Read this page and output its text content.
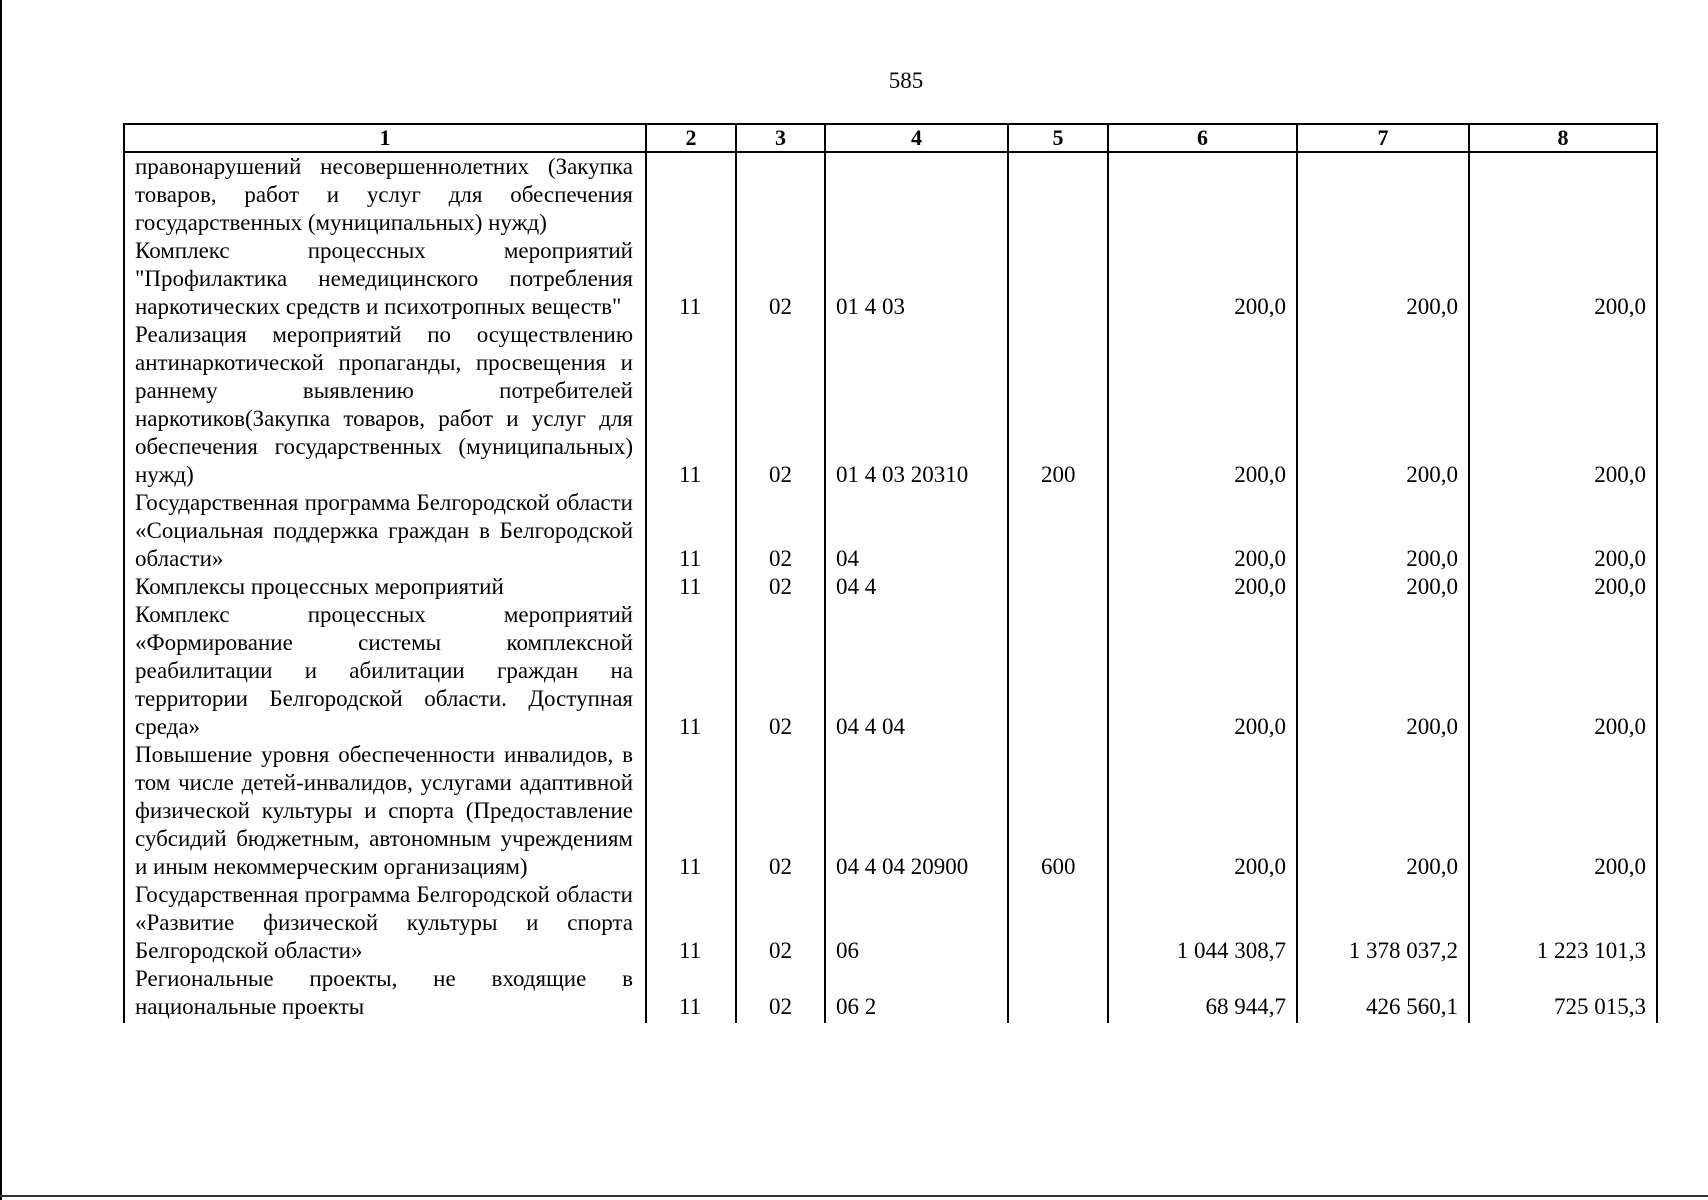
585
1	2	3	4	5	6	7	8
правонарушений несовершеннолетних (Закупка товаров, работ и услуг для обеспечения государственных (муниципальных) нужд)							
Комплекс процессных мероприятий "Профилактика немедицинского потребления наркотических средств и психотропных веществ"	11	02	01 4 03		200,0	200,0	200,0
Реализация мероприятий по осуществлению антинаркотической пропаганды, просвещения и раннему выявлению потребителей наркотиков(Закупка товаров, работ и услуг для обеспечения государственных (муниципальных) нужд)	11	02	01 4 03 20310	200	200,0	200,0	200,0
Государственная программа Белгородской области «Социальная поддержка граждан в Белгородской области»	11	02	04		200,0	200,0	200,0
Комплексы процессных мероприятий	11	02	04 4		200,0	200,0	200,0
Комплекс процессных мероприятий «Формирование системы комплексной реабилитации и абилитации граждан на территории Белгородской области. Доступная среда»	11	02	04 4 04		200,0	200,0	200,0
Повышение уровня обеспеченности инвалидов, в том числе детей-инвалидов, услугами адаптивной физической культуры и спорта (Предоставление субсидий бюджетным, автономным учреждениям и иным некоммерческим организациям)	11	02	04 4 04 20900	600	200,0	200,0	200,0
Государственная программа Белгородской области «Развитие физической культуры и спорта Белгородской области»	11	02	06		1 044 308,7	1 378 037,2	1 223 101,3
Региональные проекты, не входящие в национальные проекты	11	02	06 2		68 944,7	426 560,1	725 015,3
